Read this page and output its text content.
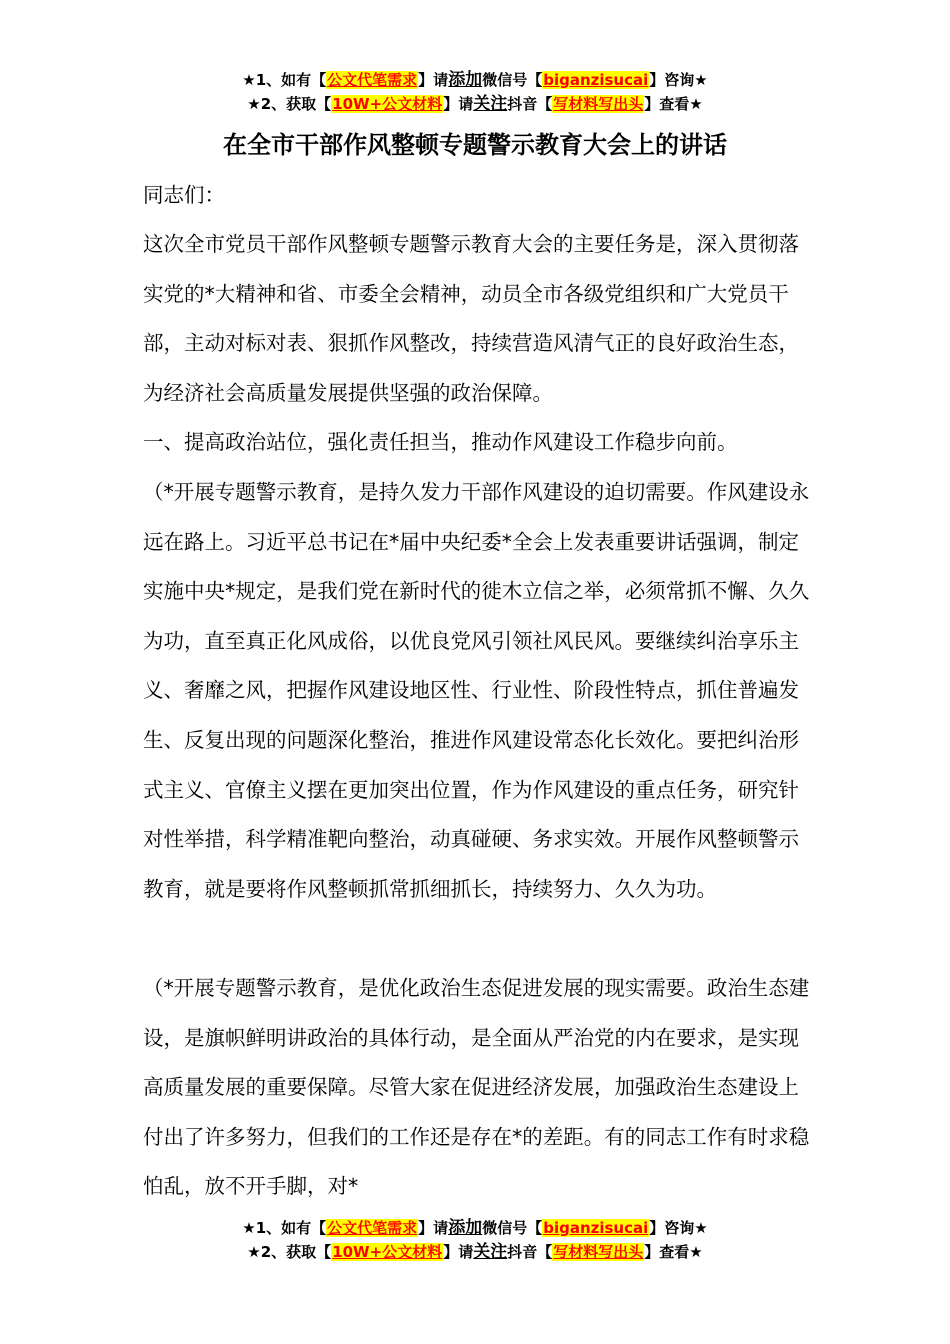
★1、如有【公文代笔需求】请添加微信号【biganzisucai】咨询★
★2、获取【10W+公文材料】请关注抖音【写材料写出头】查看★
在全市干部作风整顿专题警示教育大会上的讲话

同志们：

这次全市党员干部作风整顿专题警示教育大会的主要任务是，深入贯彻落实党的*大精神和省、市委全会精神，动员全市各级党组织和广大党员干部，主动对标对表、狠抓作风整改，持续营造风清气正的良好政治生态，为经济社会高质量发展提供坚强的政治保障。

一、提高政治站位，强化责任担当，推动作风建设工作稳步向前。

（*开展专题警示教育，是持久发力干部作风建设的迫切需要。作风建设永远在路上。习近平总书记在*届中央纪委*全会上发表重要讲话强调，制定实施中央*规定，是我们党在新时代的徙木立信之举，必须常抓不懈、久久为功，直至真正化风成俗，以优良党风引领社风民风。要继续纠治享乐主义、奢靡之风，把握作风建设地区性、行业性、阶段性特点，抓住普遍发生、反复出现的问题深化整治，推进作风建设常态化长效化。要把纠治形式主义、官僚主义摆在更加突出位置，作为作风建设的重点任务，研究针对性举措，科学精准靶向整治，动真碰硬、务求实效。开展作风整顿警示教育，就是要将作风整顿抓常抓细抓长，持续努力、久久为功。

（*开展专题警示教育，是优化政治生态促进发展的现实需要。政治生态建设，是旗帜鲜明讲政治的具体行动，是全面从严治党的内在要求，是实现高质量发展的重要保障。尽管大家在促进经济发展，加强政治生态建设上付出了许多努力，但我们的工作还是存在*的差距。有的同志工作有时求稳怕乱，放不开手脚，对*

★1、如有【公文代笔需求】请添加微信号【biganzisucai】咨询★
★2、获取【10W+公文材料】请关注抖音【写材料写出头】查看★
